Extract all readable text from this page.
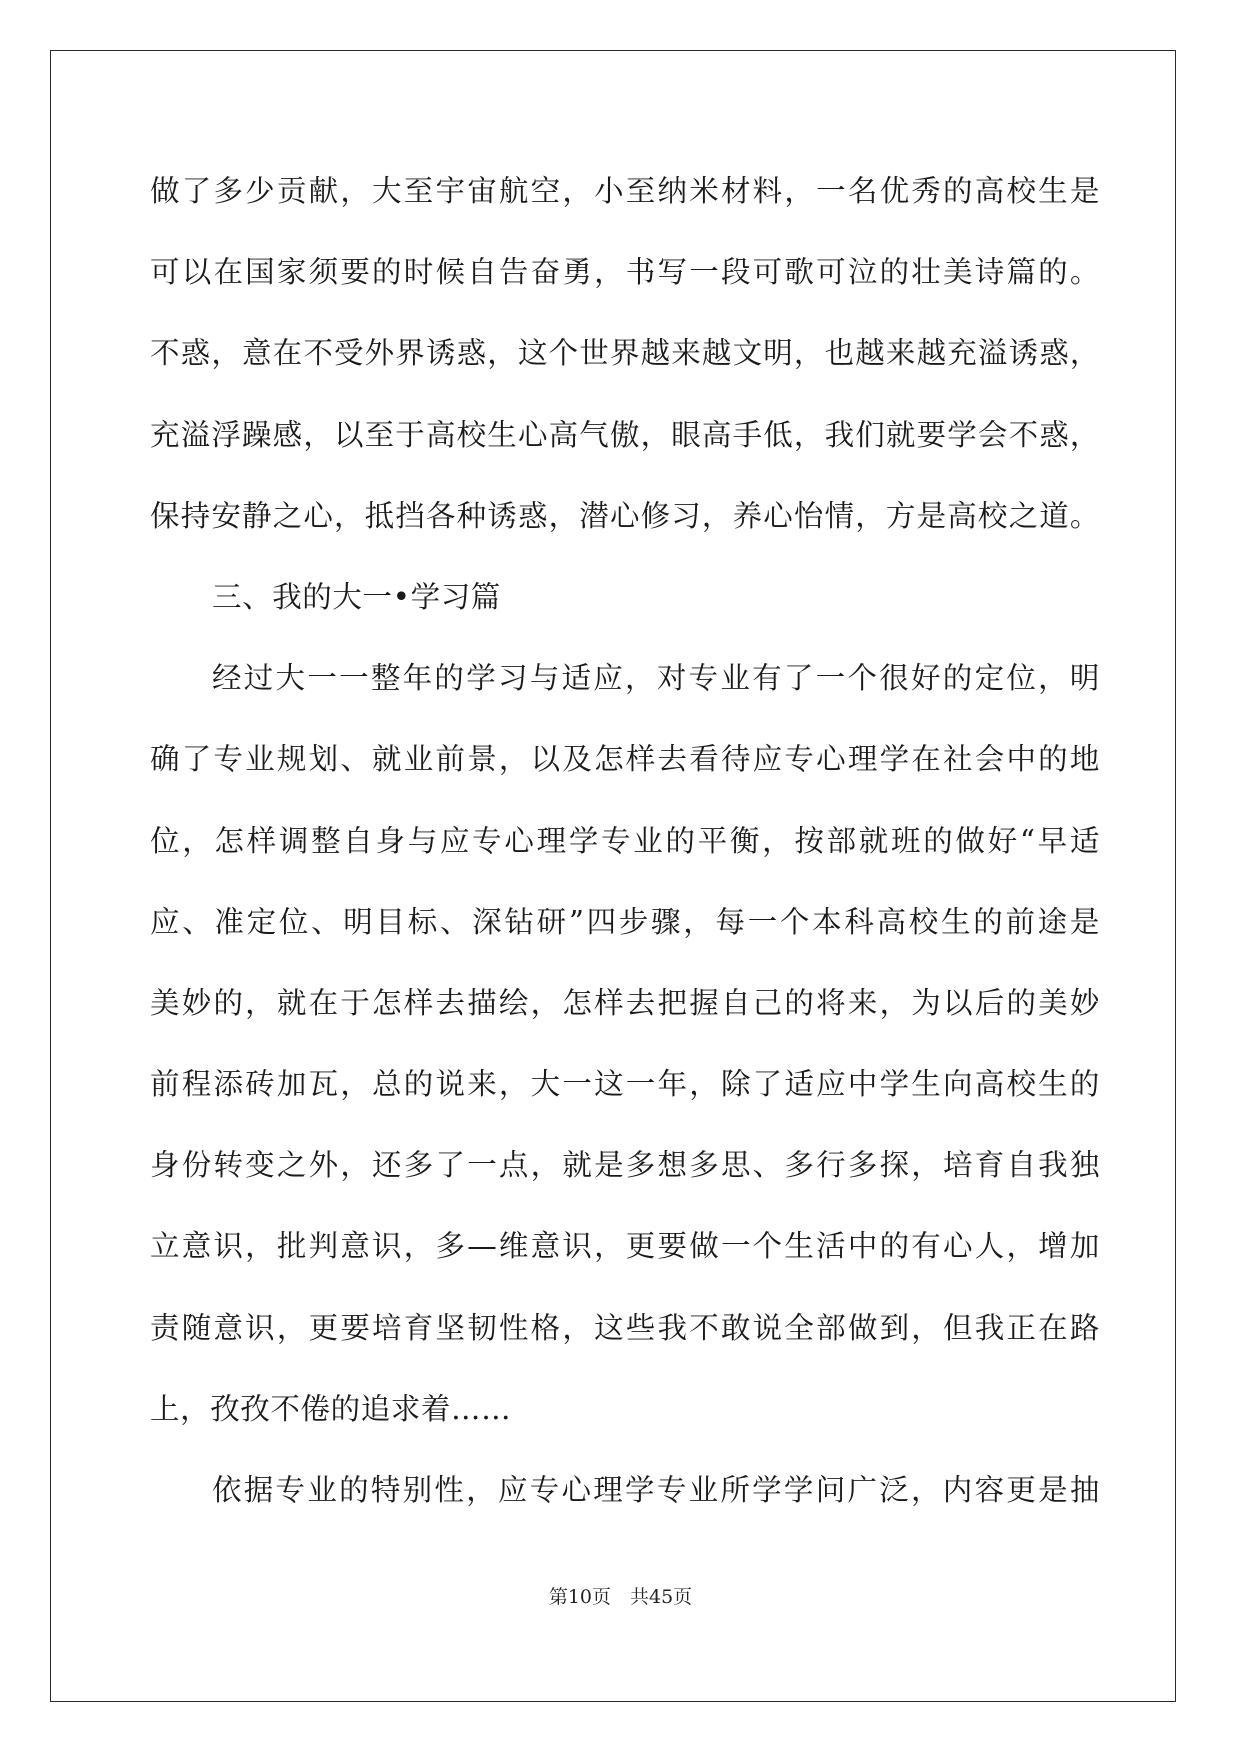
做了多少贡献，大至宇宙航空，小至纳米材料，一名优秀的高校生是
可以在国家须要的时候自告奋勇，书写一段可歌可泣的壮美诗篇的。
不惑，意在不受外界诱惑，这个世界越来越文明，也越来越充溢诱惑，
充溢浮躁感，以至于高校生心高气傲，眼高手低，我们就要学会不惑，
保持安静之心，抵挡各种诱惑，潜心修习，养心怡情，方是高校之道。
三、我的大一•学习篇
经过大一一整年的学习与适应，对专业有了一个很好的定位，明
确了专业规划、就业前景，以及怎样去看待应专心理学在社会中的地
位，怎样调整自身与应专心理学专业的平衡，按部就班的做好“早适
应、准定位、明目标、深钻研”四步骤，每一个本科高校生的前途是
美妙的，就在于怎样去描绘，怎样去把握自己的将来，为以后的美妙
前程添砖加瓦，总的说来，大一这一年，除了适应中学生向高校生的
身份转变之外，还多了一点，就是多想多思、多行多探，培育自我独
立意识，批判意识，多—维意识，更要做一个生活中的有心人，增加
责随意识，更要培育坚韧性格，这些我不敢说全部做到，但我正在路
上，孜孜不倦的追求着……
依据专业的特别性，应专心理学专业所学学问广泛，内容更是抽
第10页　共45页
